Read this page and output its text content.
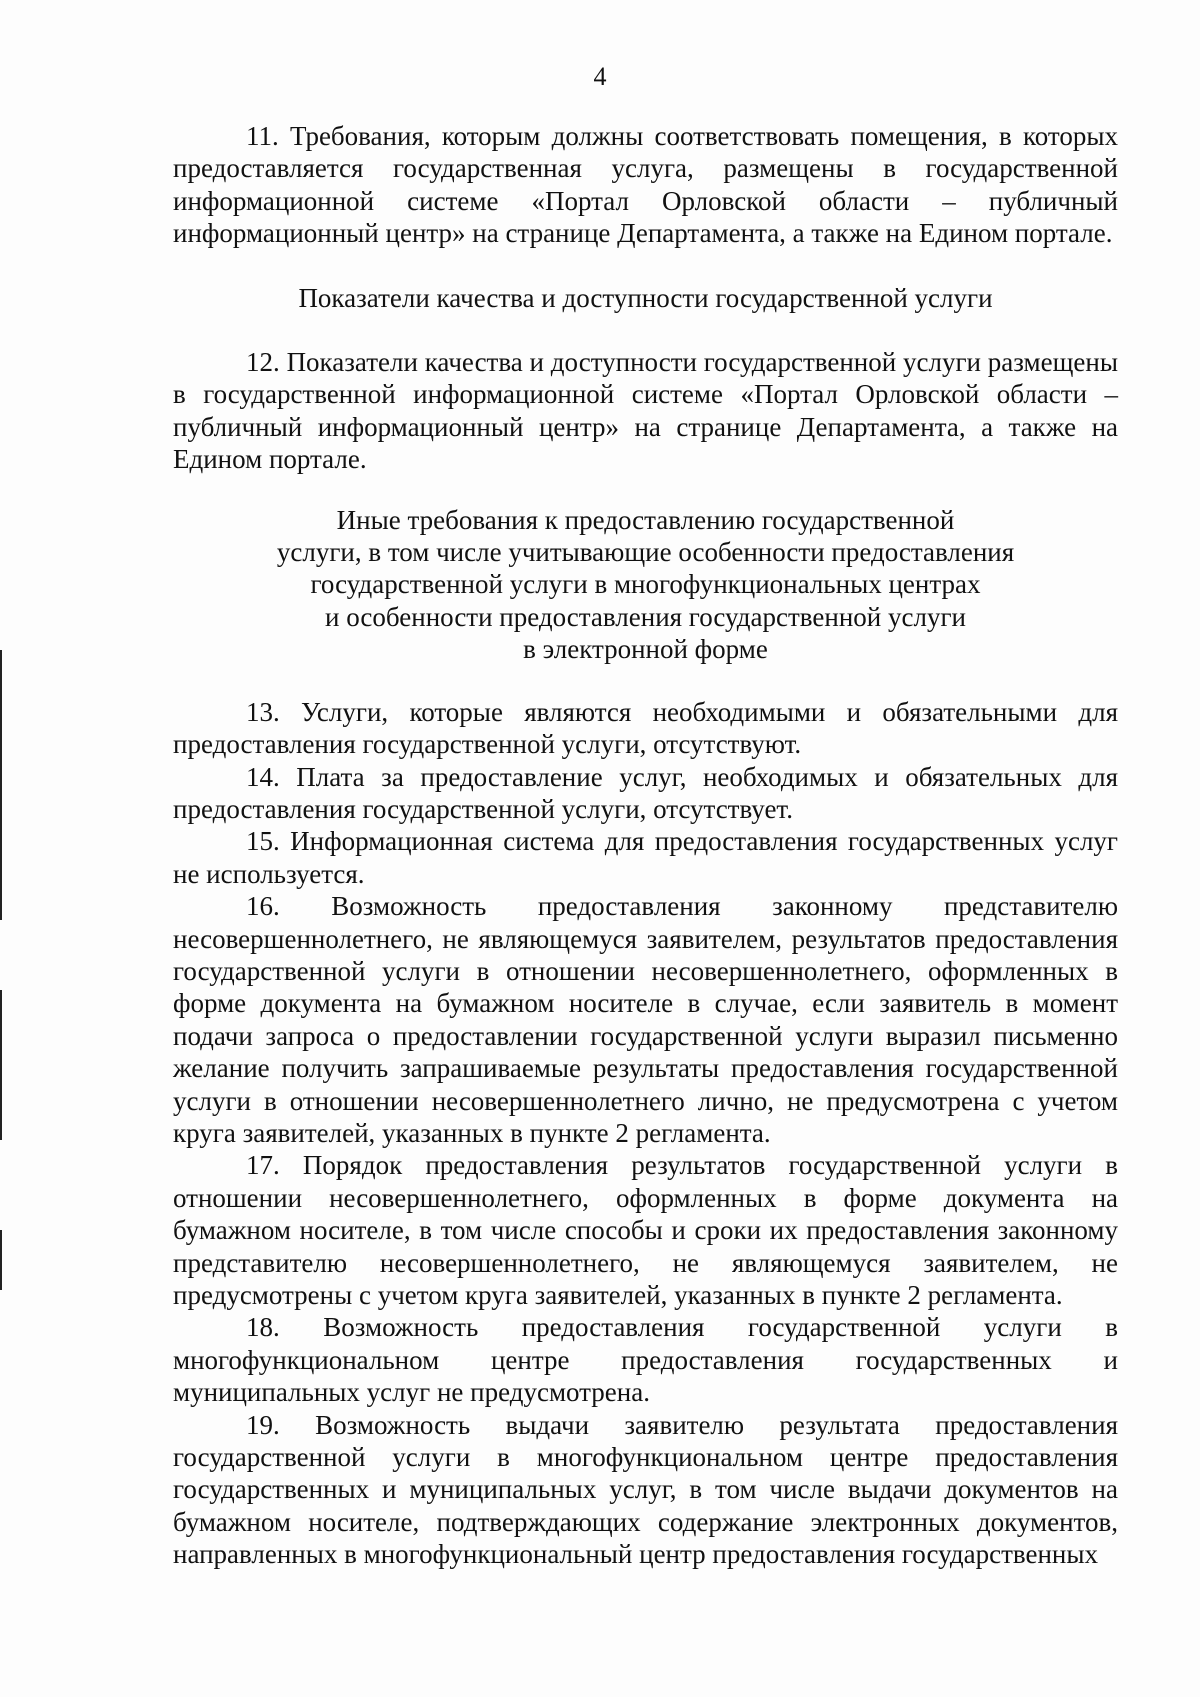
4

11. Требования, которым должны соответствовать помещения, в которых предоставляется государственная услуга, размещены в государственной информационной системе «Портал Орловской области – публичный информационный центр» на странице Департамента, а также на Едином портале.

Показатели качества и доступности государственной услуги

12. Показатели качества и доступности государственной услуги размещены в государственной информационной системе «Портал Орловской области – публичный информационный центр» на странице Департамента, а также на Едином портале.

Иные требования к предоставлению государственной
услуги, в том числе учитывающие особенности предоставления
государственной услуги в многофункциональных центрах
и особенности предоставления государственной услуги
в электронной форме

13. Услуги, которые являются необходимыми и обязательными для предоставления государственной услуги, отсутствуют.

14. Плата за предоставление услуг, необходимых и обязательных для предоставления государственной услуги, отсутствует.

15. Информационная система для предоставления государственных услуг не используется.

16. Возможность предоставления законному представителю несовершеннолетнего, не являющемуся заявителем, результатов предоставления государственной услуги в отношении несовершеннолетнего, оформленных в форме документа на бумажном носителе в случае, если заявитель в момент подачи запроса о предоставлении государственной услуги выразил письменно желание получить запрашиваемые результаты предоставления государственной услуги в отношении несовершеннолетнего лично, не предусмотрена с учетом круга заявителей, указанных в пункте 2 регламента.

17. Порядок предоставления результатов государственной услуги в отношении несовершеннолетнего, оформленных в форме документа на бумажном носителе, в том числе способы и сроки их предоставления законному представителю несовершеннолетнего, не являющемуся заявителем, не предусмотрены с учетом круга заявителей, указанных в пункте 2 регламента.

18. Возможность предоставления государственной услуги в многофункциональном центре предоставления государственных и муниципальных услуг не предусмотрена.

19. Возможность выдачи заявителю результата предоставления государственной услуги в многофункциональном центре предоставления государственных и муниципальных услуг, в том числе выдачи документов на бумажном носителе, подтверждающих содержание электронных документов, направленных в многофункциональный центр предоставления государственных
